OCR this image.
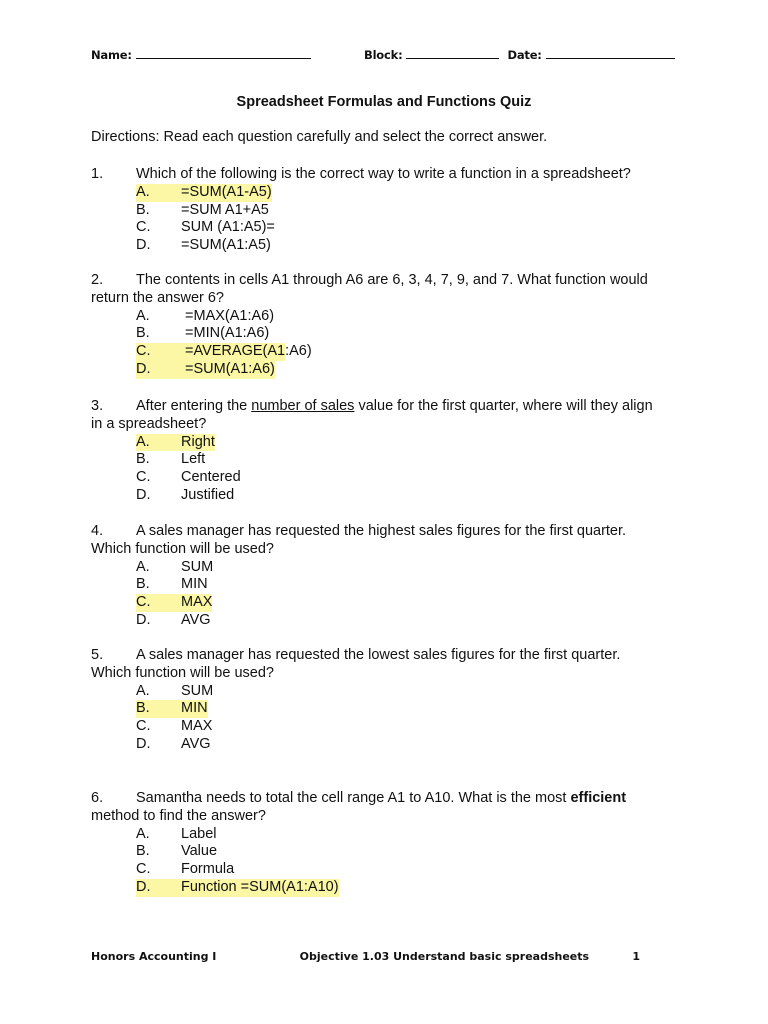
Name:	Block:	Date:
Spreadsheet Formulas and Functions Quiz
Directions: Read each question carefully and select the correct answer.
1.	Which of the following is the correct way to write a function in a spreadsheet?
A.	=SUM(A1-A5)
B.	=SUM A1+A5
C.	SUM (A1:A5)=
D.	=SUM(A1:A5)
2.	The contents in cells A1 through A6 are 6, 3, 4, 7, 9, and 7. What function would
return the answer 6?
A.	=MAX(A1:A6)
B.	=MIN(A1:A6)
C.	=AVERAGE(A1 :A6)
D.	=SUM(A1:A6)
3.	After entering the number of sales value for the first quarter, where will they align
in a spreadsheet?
A.	Right
B.	Left
C.	Centered
D.	Justified
4.	A sales manager has requested the highest sales figures for the first quarter.
Which function will be used?
A.	SUM
B.	MIN
C.	MAX
D.	AVG
5.	A sales manager has requested the lowest sales figures for the first quarter.
Which function will be used?
A.	SUM
B.	MIN
C.	MAX
D.	AVG
6.	Samantha needs to total the cell range A1 to A10. What is the most efficient
method to find the answer?
A.	Label
B.	Value
C.	Formula
D.	Function =SUM(A1:A10)
Honors Accounting I	Objective 1.03 Understand basic spreadsheets	1
